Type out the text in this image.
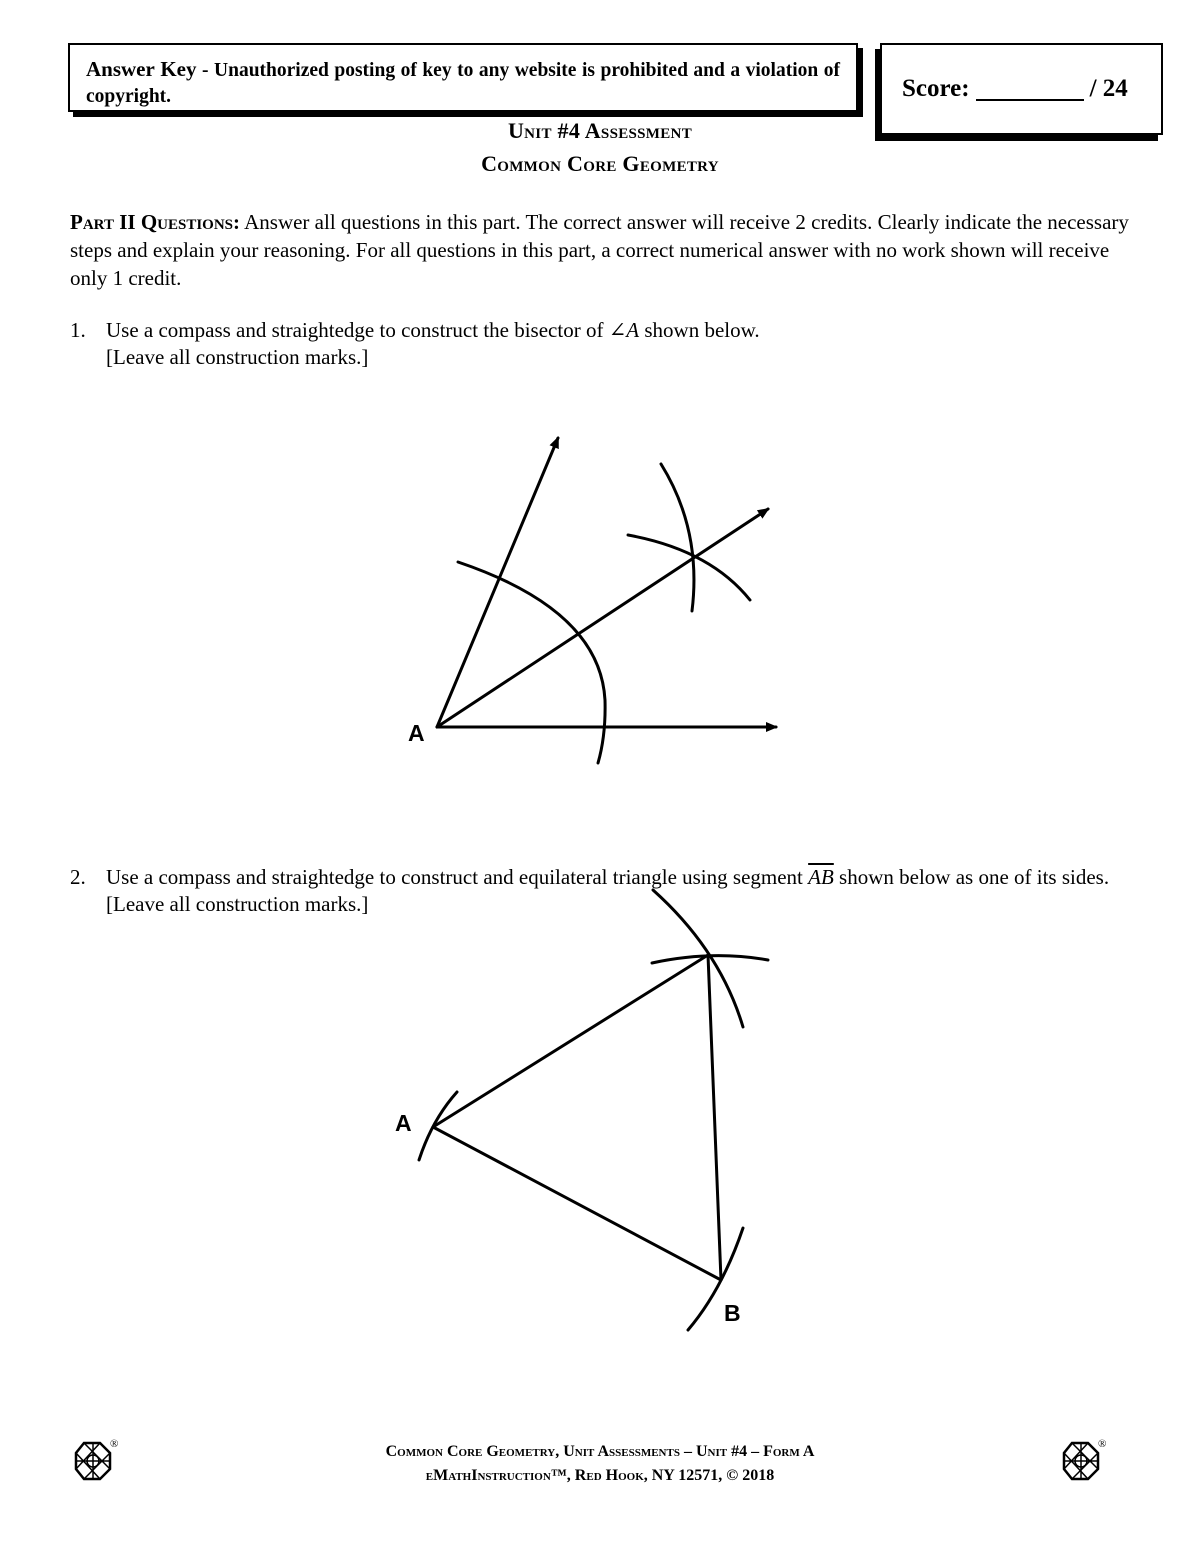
Answer Key - Unauthorized posting of key to any website is prohibited and a violation of copyright.	Score:	/ 24
Unit #4 Assessment
Common Core Geometry
Part II Questions: Answer all questions in this part. The correct answer will receive 2 credits. Clearly indicate the necessary steps and explain your reasoning. For all questions in this part, a correct numerical answer with no work shown will receive only 1 credit.
1. Use a compass and straightedge to construct the bisector of ∠A shown below.
[Leave all construction marks.]
2. Use a compass and straightedge to construct and equilateral triangle using segment $\overline{AB}$ shown below as one of its sides. [Leave all construction marks.]
A
A
B
®	®
Common Core Geometry, Unit Assessments – Unit #4 – Form A
eMathInstruction™, Red Hook, NY 12571, © 2018
